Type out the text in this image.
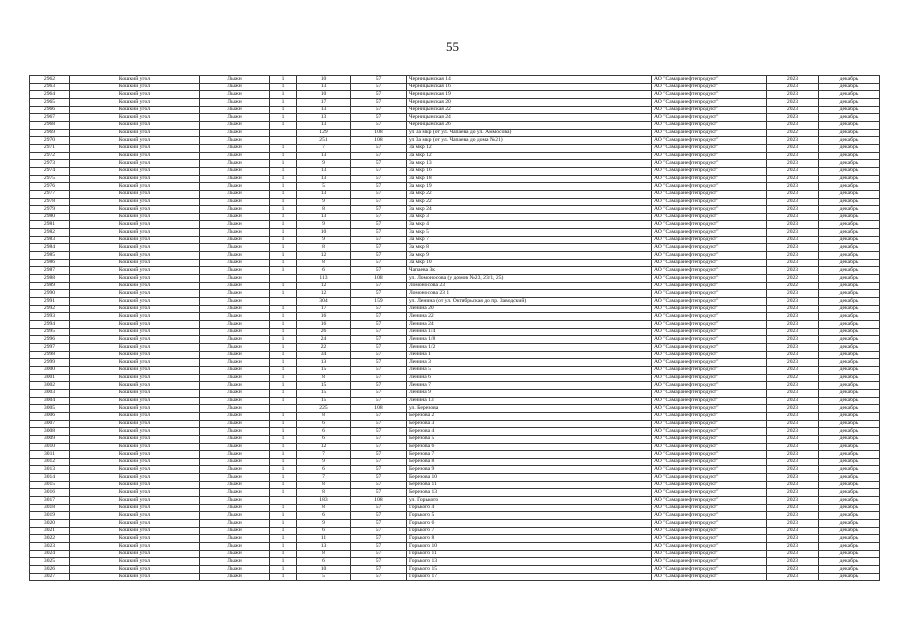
55
2962	Кошкий угол	Лыжн	1	10	57	Черницынская 14	АО "Самаранефтепродукт"	2023	декабрь
2963	Кошкий угол	Лыжн	1	13	57	Черницынская 16	АО "Самаранефтепродукт"	2023	декабрь
2964	Кошкий угол	Лыжн	1	10	57	Черницынская 19	АО "Самаранефтепродукт"	2023	декабрь
2965	Кошкий угол	Лыжн	1	17	57	Черницынская 20	АО "Самаранефтепродукт"	2023	декабрь
2966	Кошкий угол	Лыжн	1	13	57	Черницынская 22	АО "Самаранефтепродукт"	2023	декабрь
2967	Кошкий угол	Лыжн	1	13	57	Черницынская 24	АО "Самаранефтепродукт"	2023	декабрь
2968	Кошкий угол	Лыжн	1	13	57	Черницынская 26	АО "Самаранефтепродукт"	2023	декабрь
2969	Кошкий угол	Лыжн		129	108	ул 3а мкр (от ул. Чапаева до ул. Аммосова)	АО "Самаранефтепродукт"	2022	декабрь
2970	Кошкий угол	Лыжн		251	108	ул 3а мкр (от ул. Чапаева до дома №21)	АО "Самаранефтепродукт"	2023	декабрь
2971	Кошкий угол	Лыжн	1	7	57	3а мкр 12	АО "Самаранефтепродукт"	2023	декабрь
2972	Кошкий угол	Лыжн	1	13	57	3а мкр 12	АО "Самаранефтепродукт"	2023	декабрь
2973	Кошкий угол	Лыжн	1	9	57	3а мкр 13	АО "Самаранефтепродукт"	2023	декабрь
2974	Кошкий угол	Лыжн	1	13	57	3а мкр 16	АО "Самаранефтепродукт"	2023	декабрь
2975	Кошкий угол	Лыжн	1	13	57	3а мкр 18	АО "Самаранефтепродукт"	2023	декабрь
2976	Кошкий угол	Лыжн	1	5	57	3а мкр 19	АО "Самаранефтепродукт"	2023	декабрь
2977	Кошкий угол	Лыжн	1	13	57	3а мкр 22	АО "Самаранефтепродукт"	2023	декабрь
2978	Кошкий угол	Лыжн	1	9	57	3а мкр 22	АО "Самаранефтепродукт"	2023	декабрь
2979	Кошкий угол	Лыжн	1	8	57	3а мкр 24	АО "Самаранефтепродукт"	2023	декабрь
2980	Кошкий угол	Лыжн	1	13	57	3а мкр 3	АО "Самаранефтепродукт"	2023	декабрь
2981	Кошкий угол	Лыжн	1	9	57	3а мкр 4	АО "Самаранефтепродукт"	2023	декабрь
2982	Кошкий угол	Лыжн	1	10	57	3а мкр 5	АО "Самаранефтепродукт"	2023	декабрь
2983	Кошкий угол	Лыжн	1	9	57	3а мкр 7	АО "Самаранефтепродукт"	2023	декабрь
2984	Кошкий угол	Лыжн	1	8	57	3а мкр 8	АО "Самаранефтепродукт"	2023	декабрь
2985	Кошкий угол	Лыжн	1	12	57	3а мкр 9	АО "Самаранефтепродукт"	2023	декабрь
2986	Кошкий угол	Лыжн	1	8	57	3а мкр 10	АО "Самаранефтепродукт"	2023	декабрь
2987	Кошкий угол	Лыжн	1	6	57	Чапаева 3к	АО "Самаранефтепродукт"	2023	декабрь
2988	Кошкий угол	Лыжн		113	108	ул. Ломоносова (у домов №23, 23/1, 25)	АО "Самаранефтепродукт"	2022	декабрь
2989	Кошкий угол	Лыжн	1	12	57	Ломоносова 23	АО "Самаранефтепродукт"	2022	декабрь
2990	Кошкий угол	Лыжн	1	12	57	Ломоносова 23 1	АО "Самаранефтепродукт"	2023	декабрь
2991	Кошкий угол	Лыжн		304	159	ул. Ленина (от ул. Октябрьская до пр. Заводский)	АО "Самаранефтепродукт"	2023	декабрь
2992	Кошкий угол	Лыжн	1	17	57	Ленина 20	АО "Самаранефтепродукт"	2023	декабрь
2993	Кошкий угол	Лыжн	1	16	57	Ленина 22	АО "Самаранефтепродукт"	2023	декабрь
2994	Кошкий угол	Лыжн	1	16	57	Ленина 24	АО "Самаранефтепродукт"	2023	декабрь
2995	Кошкий угол	Лыжн	1	26	57	Ленина 1/4	АО "Самаранефтепродукт"	2023	декабрь
2996	Кошкий угол	Лыжн	1	24	57	Ленина 1/8	АО "Самаранефтепродукт"	2023	декабрь
2997	Кошкий угол	Лыжн	1	22	57	Ленина 1/2	АО "Самаранефтепродукт"	2023	декабрь
2998	Кошкий угол	Лыжн	1	34	57	Ленина 1	АО "Самаранефтепродукт"	2023	декабрь
2999	Кошкий угол	Лыжн	1	13	57	Ленина 3	АО "Самаранефтепродукт"	2023	декабрь
3000	Кошкий угол	Лыжн	1	15	57	Ленина 5	АО "Самаранефтепродукт"	2023	декабрь
3001	Кошкий угол	Лыжн	1	8	57	Ленина 6	АО "Самаранефтепродукт"	2022	декабрь
3002	Кошкий угол	Лыжн	1	15	57	Ленина 7	АО "Самаранефтепродукт"	2023	декабрь
3003	Кошкий угол	Лыжн	1	15	57	Ленина 9	АО "Самаранефтепродукт"	2023	декабрь
3004	Кошкий угол	Лыжн	1	15	57	Ленина 13	АО "Самаранефтепродукт"	2023	декабрь
3005	Кошкий угол	Лыжн		225	108	ул. Березова	АО "Самаранефтепродукт"	2023	декабрь
3006	Кошкий угол	Лыжн	1	8	57	Березова 2	АО "Самаранефтепродукт"	2023	декабрь
3007	Кошкий угол	Лыжн	1	6	57	Березова 3	АО "Самаранефтепродукт"	2023	декабрь
3008	Кошкий угол	Лыжн	1	6	57	Березова 4	АО "Самаранефтепродукт"	2023	декабрь
3009	Кошкий угол	Лыжн	1	6	57	Березова 5	АО "Самаранефтепродукт"	2023	декабрь
3010	Кошкий угол	Лыжн	1	12	57	Березова 6	АО "Самаранефтепродукт"	2023	декабрь
3011	Кошкий угол	Лыжн	1	7	57	Березова 7	АО "Самаранефтепродукт"	2023	декабрь
3012	Кошкий угол	Лыжн	1	9	57	Березова 8	АО "Самаранефтепродукт"	2023	декабрь
3013	Кошкий угол	Лыжн	1	6	57	Березова 9	АО "Самаранефтепродукт"	2023	декабрь
3014	Кошкий угол	Лыжн	1	7	57	Березова 10	АО "Самаранефтепродукт"	2023	декабрь
3015	Кошкий угол	Лыжн	1	8	57	Березова 11	АО "Самаранефтепродукт"	2023	декабрь
3016	Кошкий угол	Лыжн	1	8	57	Березова 13	АО "Самаранефтепродукт"	2023	декабрь
3017	Кошкий угол	Лыжн		183	108	ул. Горького	АО "Самаранефтепродукт"	2023	декабрь
3018	Кошкий угол	Лыжн	1	8	57	Горького 4	АО "Самаранефтепродукт"	2023	декабрь
3019	Кошкий угол	Лыжн	1	6	57	Горького 5	АО "Самаранефтепродукт"	2023	декабрь
3020	Кошкий угол	Лыжн	1	9	57	Горького 6	АО "Самаранефтепродукт"	2023	декабрь
3021	Кошкий угол	Лыжн	1	6	57	Горького 7	АО "Самаранефтепродукт"	2023	декабрь
3022	Кошкий угол	Лыжн	1	11	57	Горького 8	АО "Самаранефтепродукт"	2023	декабрь
3023	Кошкий угол	Лыжн	1	13	57	Горького 10	АО "Самаранефтепродукт"	2023	декабрь
3024	Кошкий угол	Лыжн	1	8	57	Горького 11	АО "Самаранефтепродукт"	2023	декабрь
3025	Кошкий угол	Лыжн	1	6	57	Горького 13	АО "Самаранефтепродукт"	2023	декабрь
3026	Кошкий угол	Лыжн	1	10	57	Горького 15	АО "Самаранефтепродукт"	2023	декабрь
3027	Кошкий угол	Лыжн	1	5	57	Горького 17	АО "Самаранефтепродукт"	2023	декабрь
